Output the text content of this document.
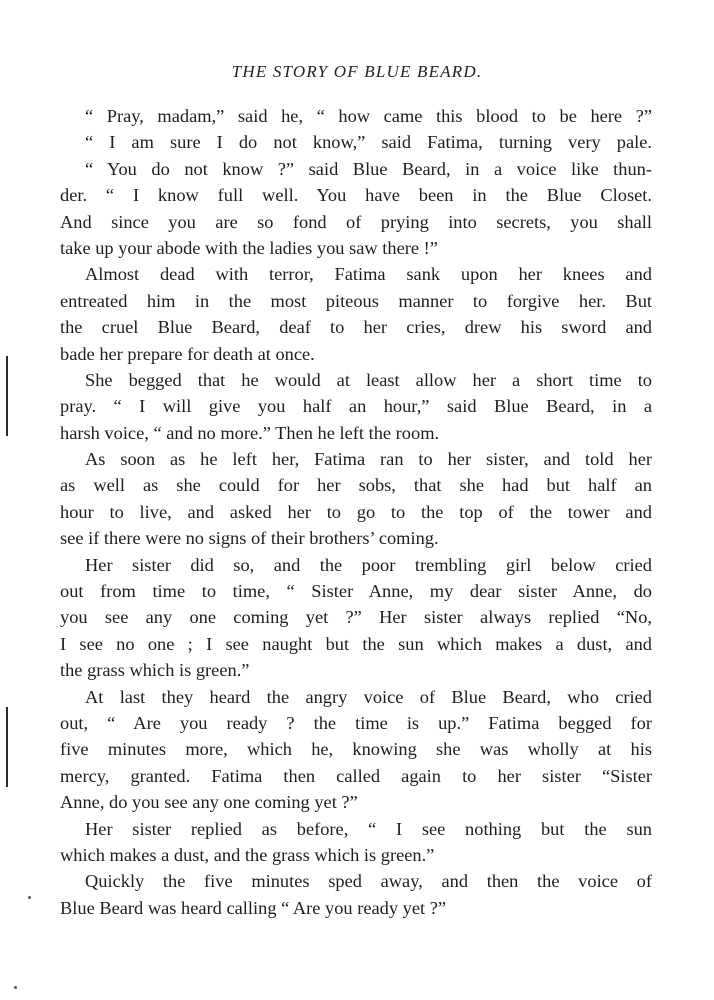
THE STORY OF BLUE BEARD.
“ Pray, madam,” said he, “ how came this blood to be here ?”
“ I am sure I do not know,” said Fatima, turning very pale.
“ You do not know ?” said Blue Beard, in a voice like thun-
der. “ I know full well. You have been in the Blue Closet.
And since you are so fond of prying into secrets, you shall
take up your abode with the ladies you saw there !”
Almost dead with terror, Fatima sank upon her knees and
entreated him in the most piteous manner to forgive her. But
the cruel Blue Beard, deaf to her cries, drew his sword and
bade her prepare for death at once.
She begged that he would at least allow her a short time to
pray. “ I will give you half an hour,” said Blue Beard, in a
harsh voice, “ and no more.” Then he left the room.
As soon as he left her, Fatima ran to her sister, and told her
as well as she could for her sobs, that she had but half an
hour to live, and asked her to go to the top of the tower and
see if there were no signs of their brothers’ coming.
Her sister did so, and the poor trembling girl below cried
out from time to time, “ Sister Anne, my dear sister Anne, do
you see any one coming yet ?” Her sister always replied “No,
I see no one ; I see naught but the sun which makes a dust, and
the grass which is green.”
At last they heard the angry voice of Blue Beard, who cried
out, “ Are you ready ? the time is up.” Fatima begged for
five minutes more, which he, knowing she was wholly at his
mercy, granted. Fatima then called again to her sister “Sister
Anne, do you see any one coming yet ?”
Her sister replied as before, “ I see nothing but the sun
which makes a dust, and the grass which is green.”
Quickly the five minutes sped away, and then the voice of
Blue Beard was heard calling “ Are you ready yet ?”
